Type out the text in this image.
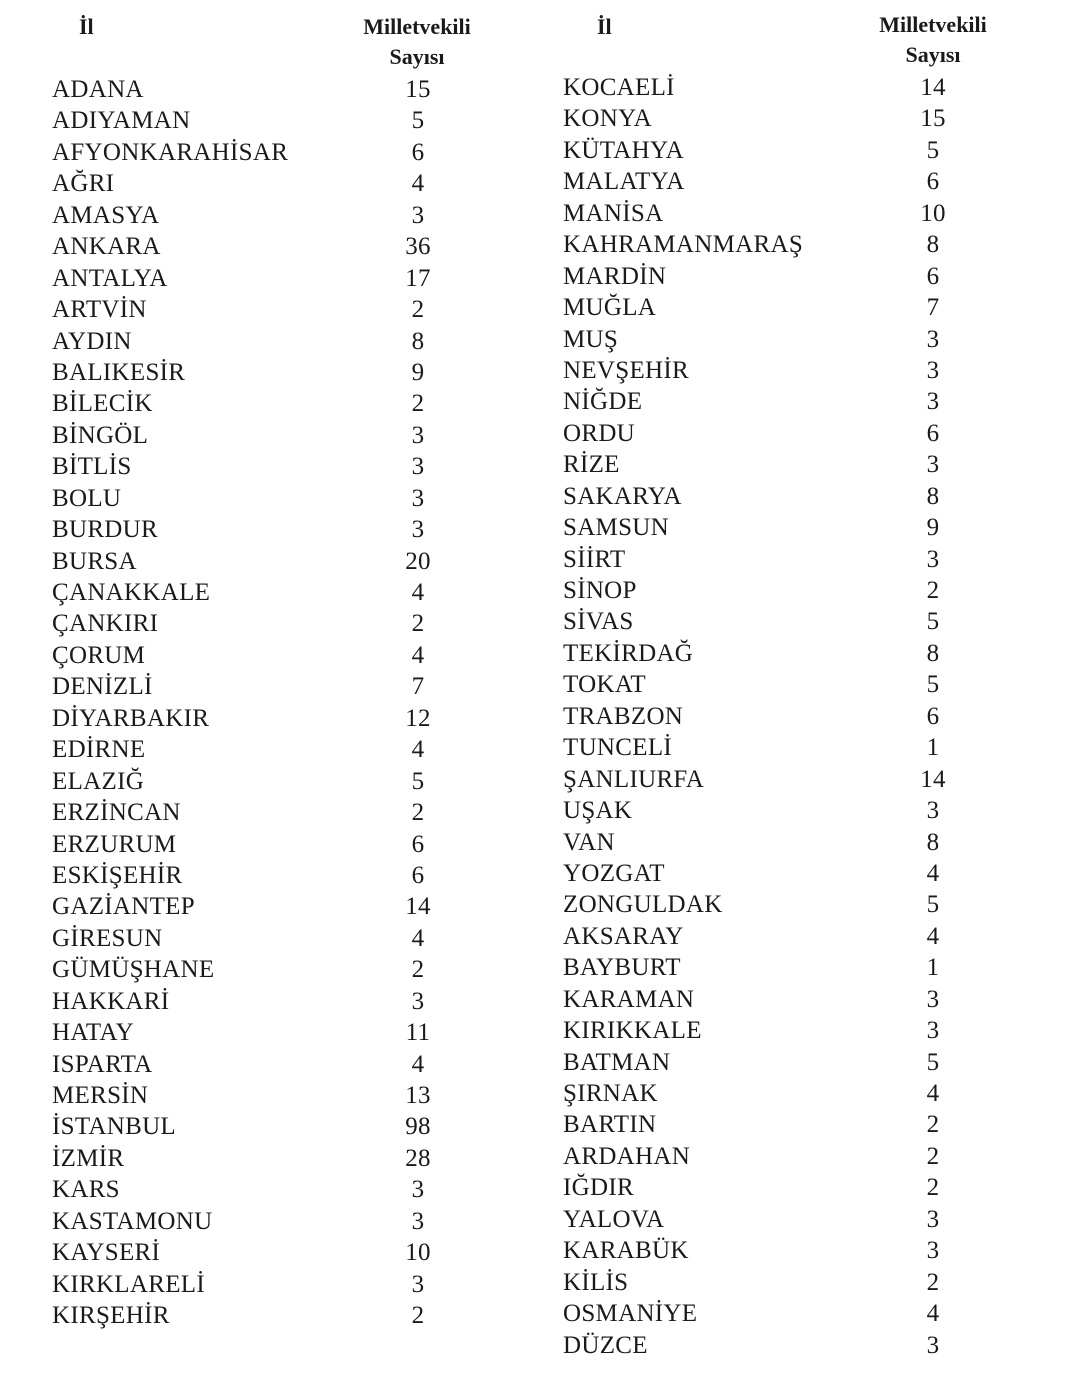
İl	Milletvekili
Sayısı
ADANA	15
ADIYAMAN	5
AFYONKARAHİSAR	6
AĞRI	4
AMASYA	3
ANKARA	36
ANTALYA	17
ARTVİN	2
AYDIN	8
BALIKESİR	9
BİLECİK	2
BİNGÖL	3
BİTLİS	3
BOLU	3
BURDUR	3
BURSA	20
ÇANAKKALE	4
ÇANKIRI	2
ÇORUM	4
DENİZLİ	7
DİYARBAKIR	12
EDİRNE	4
ELAZIĞ	5
ERZİNCAN	2
ERZURUM	6
ESKİŞEHİR	6
GAZİANTEP	14
GİRESUN	4
GÜMÜŞHANE	2
HAKKARİ	3
HATAY	11
ISPARTA	4
MERSİN	13
İSTANBUL	98
İZMİR	28
KARS	3
KASTAMONU	3
KAYSERİ	10
KIRKLARELİ	3
KIRŞEHİR	2
İl	Milletvekili
Sayısı
KOCAELİ	14
KONYA	15
KÜTAHYA	5
MALATYA	6
MANİSA	10
KAHRAMANMARAŞ	8
MARDİN	6
MUĞLA	7
MUŞ	3
NEVŞEHİR	3
NİĞDE	3
ORDU	6
RİZE	3
SAKARYA	8
SAMSUN	9
SİİRT	3
SİNOP	2
SİVAS	5
TEKİRDAĞ	8
TOKAT	5
TRABZON	6
TUNCELİ	1
ŞANLIURFA	14
UŞAK	3
VAN	8
YOZGAT	4
ZONGULDAK	5
AKSARAY	4
BAYBURT	1
KARAMAN	3
KIRIKKALE	3
BATMAN	5
ŞIRNAK	4
BARTIN	2
ARDAHAN	2
IĞDIR	2
YALOVA	3
KARABÜK	3
KİLİS	2
OSMANİYE	4
DÜZCE	3
